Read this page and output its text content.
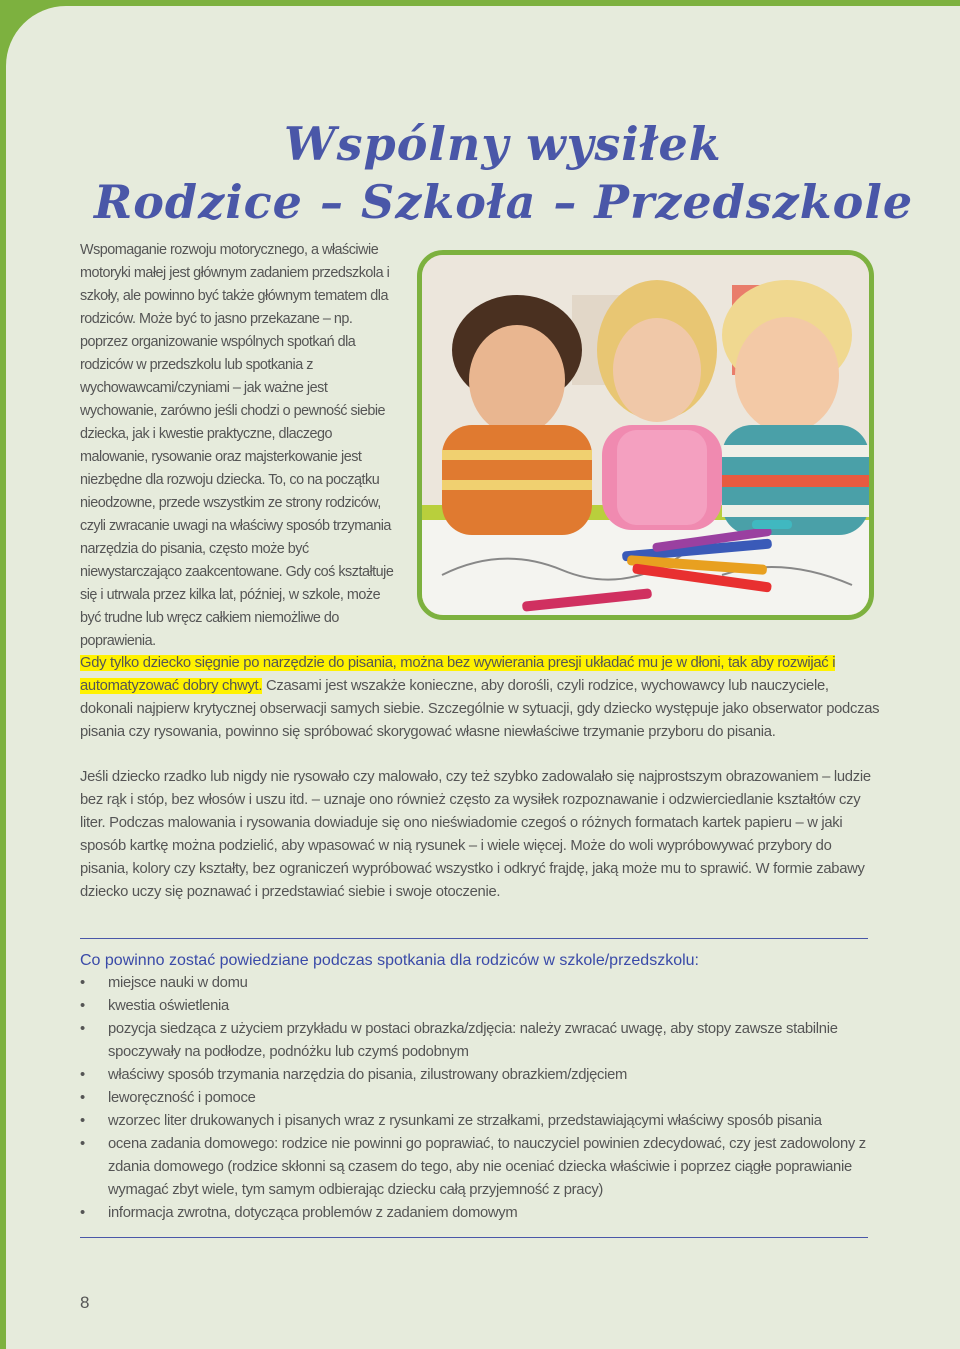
Wspólny wysiłek
Rodzice – Szkoła – Przedszkole

Wspomaganie rozwoju motorycznego, a właściwie motoryki małej jest głównym zadaniem przedszkola i szkoły, ale powinno być także głównym tematem dla rodziców. Może być to jasno przekazane – np. poprzez organizowanie wspólnych spotkań dla rodziców w przedszkolu lub spotkania z wychowawcami/czyniami – jak ważne jest wychowanie, zarówno jeśli chodzi o pewność siebie dziecka, jak i kwestie praktyczne, dlaczego malowanie, rysowanie oraz majsterkowanie jest niezbędne dla rozwoju dziecka. To, co na początku nieodzowne, przede wszystkim ze strony rodziców, czyli zwracanie uwagi na właściwy sposób trzymania narzędzia do pisania, często może być niewystarczająco zaakcentowane. Gdy coś kształtuje się i utrwala przez kilka lat, później, w szkole, może być trudne lub wręcz całkiem niemożliwe do poprawienia.

Gdy tylko dziecko sięgnie po narzędzie do pisania, można bez wywierania presji układać mu je w dłoni, tak aby rozwijać i automatyzować dobry chwyt. Czasami jest wszakże konieczne, aby dorośli, czyli rodzice, wychowawcy lub nauczyciele, dokonali najpierw krytycznej obserwacji samych siebie. Szczególnie w sytuacji, gdy dziecko występuje jako obserwator podczas pisania czy rysowania, powinno się spróbować skorygować własne niewłaściwe trzymanie przyboru do pisania.

Jeśli dziecko rzadko lub nigdy nie rysowało czy malowało, czy też szybko zadowalało się najprostszym obrazowaniem – ludzie bez rąk i stóp, bez włosów i uszu itd. – uznaje ono również często za wysiłek rozpoznawanie i odzwierciedlanie kształtów czy liter. Podczas malowania i rysowania dowiaduje się ono nieświadomie czegoś o różnych formatach kartek papieru – w jaki sposób kartkę można podzielić, aby wpasować w nią rysunek – i wiele więcej. Może do woli wypróbowywać przybory do pisania, kolory czy kształty, bez ograniczeń wypróbować wszystko i odkryć frajdę, jaką może mu to sprawić. W formie zabawy dziecko uczy się poznawać i przedstawiać siebie i swoje otoczenie.

Co powinno zostać powiedziane podczas spotkania dla rodziców w szkole/przedszkolu:
• miejsce nauki w domu
• kwestia oświetlenia
• pozycja siedząca z użyciem przykładu w postaci obrazka/zdjęcia: należy zwracać uwagę, aby stopy zawsze stabilnie spoczywały na podłodze, podnóżku lub czymś podobnym
• właściwy sposób trzymania narzędzia do pisania, zilustrowany obrazkiem/zdjęciem
• leworęczność i pomoce
• wzorzec liter drukowanych i pisanych wraz z rysunkami ze strzałkami, przedstawiającymi właściwy sposób pisania
• ocena zadania domowego: rodzice nie powinni go poprawiać, to nauczyciel powinien zdecydować, czy jest zadowolony z zdania domowego (rodzice skłonni są czasem do tego, aby nie oceniać dziecka właściwie i poprzez ciągłe poprawianie wymagać zbyt wiele, tym samym odbierając dziecku całą przyjemność z pracy)
• informacja zwrotna, dotycząca problemów z zadaniem domowym
8
